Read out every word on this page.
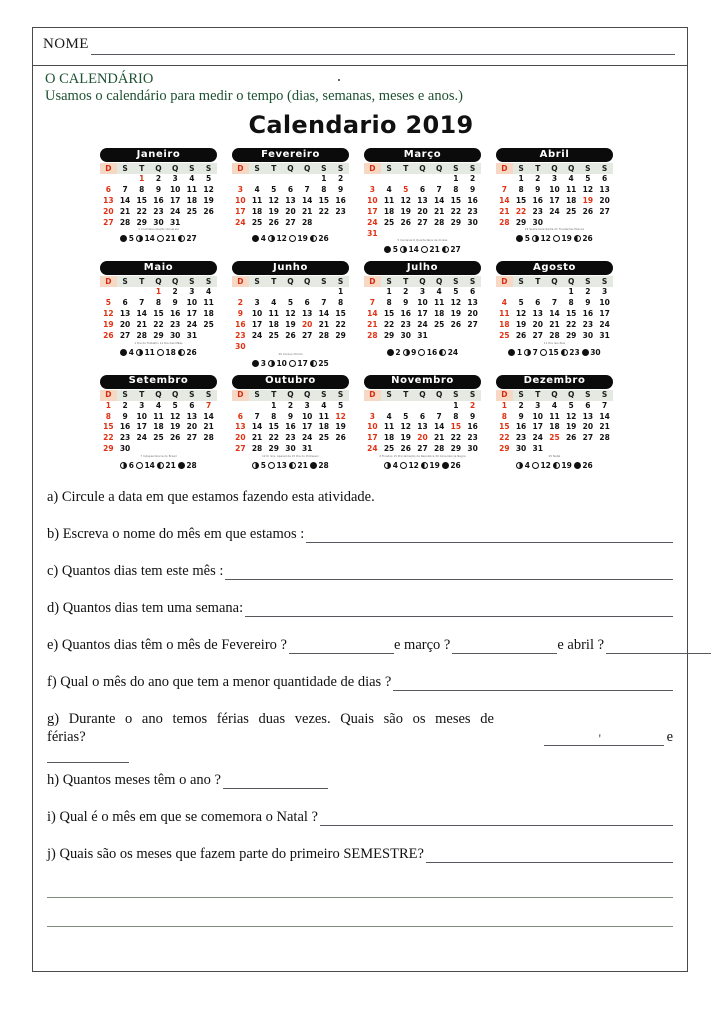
NOME
O CALENDÁRIO
Usamos o calendário para medir o tempo (dias, semanas, meses e anos.)
Calendario 2019
Janeiro
D	S	T	Q	Q	S	S
		1	2	3	4	5
6	7	8	9	10	11	12
13	14	15	16	17	18	19
20	21	22	23	24	25	26
27	28	29	30	31		
1 Confraternização Universal
5 14 21 27
Fevereiro
D	S	T	Q	Q	S	S
					1	2
3	4	5	6	7	8	9
10	11	12	13	14	15	16
17	18	19	20	21	22	23
24	25	26	27	28		
4 12 19 26
Março
D	S	T	Q	Q	S	S
					1	2
3	4	5	6	7	8	9
10	11	12	13	14	15	16
17	18	19	20	21	22	23
24	25	26	27	28	29	30
31						
5 Carnaval 6 Quarta-feira de Cinzas
5 14 21 27
Abril
D	S	T	Q	Q	S	S
	1	2	3	4	5	6
7	8	9	10	11	12	13
14	15	16	17	18	19	20
21	22	23	24	25	26	27
28	29	30				
19 Sexta-feira Santa 21 Tiradentes Páscoa
5 12 19 26
Maio
D	S	T	Q	Q	S	S
			1	2	3	4
5	6	7	8	9	10	11
12	13	14	15	16	17	18
19	20	21	22	23	24	25
26	27	28	29	30	31	
1 Dia do Trabalho 12 Dia das Mães
4 11 18 26
Junho
D	S	T	Q	Q	S	S
						1
2	3	4	5	6	7	8
9	10	11	12	13	14	15
16	17	18	19	20	21	22
23	24	25	26	27	28	29
30						
20 Corpus Christi
3 10 17 25
Julho
D	S	T	Q	Q	S	S
	1	2	3	4	5	6
7	8	9	10	11	12	13
14	15	16	17	18	19	20
21	22	23	24	25	26	27
28	29	30	31			
2 9 16 24
Agosto
D	S	T	Q	Q	S	S
				1	2	3
4	5	6	7	8	9	10
11	12	13	14	15	16	17
18	19	20	21	22	23	24
25	26	27	28	29	30	31
11 Dia dos Pais
1 7 15 23 30
Setembro
D	S	T	Q	Q	S	S
1	2	3	4	5	6	7
8	9	10	11	12	13	14
15	16	17	18	19	20	21
22	23	24	25	26	27	28
29	30					
7 Independência do Brasil
6 14 21 28
Outubro
D	S	T	Q	Q	S	S
		1	2	3	4	5
6	7	8	9	10	11	12
13	14	15	16	17	18	19
20	21	22	23	24	25	26
27	28	29	30	31		
12 N. Sra. Aparecida 15 Dia do Professor
5 13 21 28
Novembro
D	S	T	Q	Q	S	S
					1	2
3	4	5	6	7	8	9
10	11	12	13	14	15	16
17	18	19	20	21	22	23
24	25	26	27	28	29	30
2 Finados 15 Proclamação da República 20 Consciência Negra
4 12 19 26
Dezembro
D	S	T	Q	Q	S	S
1	2	3	4	5	6	7
8	9	10	11	12	13	14
15	16	17	18	19	20	21
22	23	24	25	26	27	28
29	30	31				
25 Natal
4 12 19 26
a) Circule a data em que estamos fazendo esta atividade.
b) Escreva o nome do mês em que estamos :
c) Quantos dias tem este mês :
d) Quantos dias tem uma semana:
e) Quantos dias têm o mês de Fevereiro ?	e março ?	e abril ?
f) Qual o mês do ano que tem a menor quantidade de dias ?
g) Durante o ano temos férias duas vezes. Quais são os meses de férias?	e
'
h) Quantos meses têm o ano ?
i) Qual é o mês em que se comemora o Natal ?
j) Quais são os meses que fazem parte do primeiro SEMESTRE?
